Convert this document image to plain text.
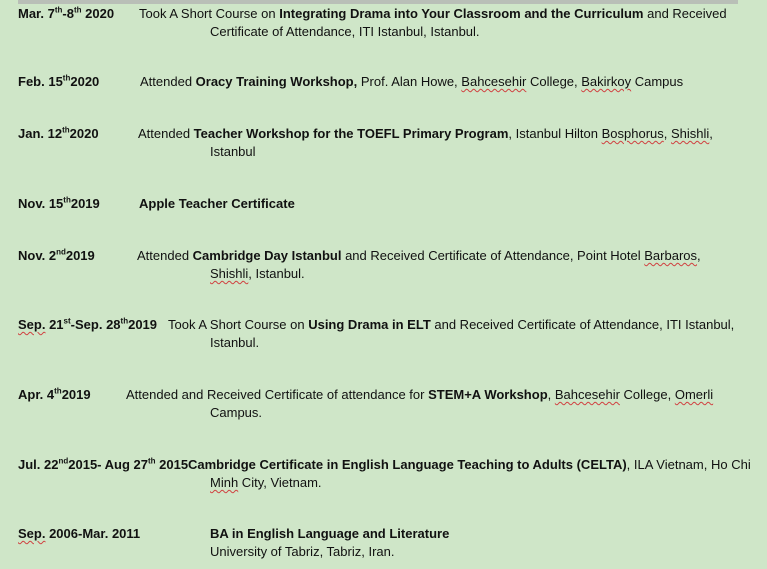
Mar. 7th-8th 2020 Took A Short Course on Integrating Drama into Your Classroom and the Curriculum and Received
Certificate of Attendance, ITI Istanbul, Istanbul.
Feb. 15th2020	Attended Oracy Training Workshop, Prof. Alan Howe, Bahcesehir College, Bakirkoy Campus
Jan. 12th2020	Attended Teacher Workshop for the TOEFL Primary Program, Istanbul Hilton Bosphorus, Shishli,
Istanbul
Nov. 15th2019	Apple Teacher Certificate
Nov. 2nd2019	Attended Cambridge Day Istanbul and Received Certificate of Attendance, Point Hotel Barbaros,
Shishli, Istanbul.
Sep. 21st-Sep. 28th2019 Took A Short Course on Using Drama in ELT and Received Certificate of Attendance, ITI Istanbul,
Istanbul.
Apr. 4th2019	Attended and Received Certificate of attendance for STEM+A Workshop, Bahcesehir College, Omerli
Campus.
Jul. 22nd2015- Aug 27th 2015 Cambridge Certificate in English Language Teaching to Adults (CELTA), ILA Vietnam, Ho Chi
Minh City, Vietnam.
Sep. 2006-Mar. 2011	BA in English Language and Literature
University of Tabriz, Tabriz, Iran.
